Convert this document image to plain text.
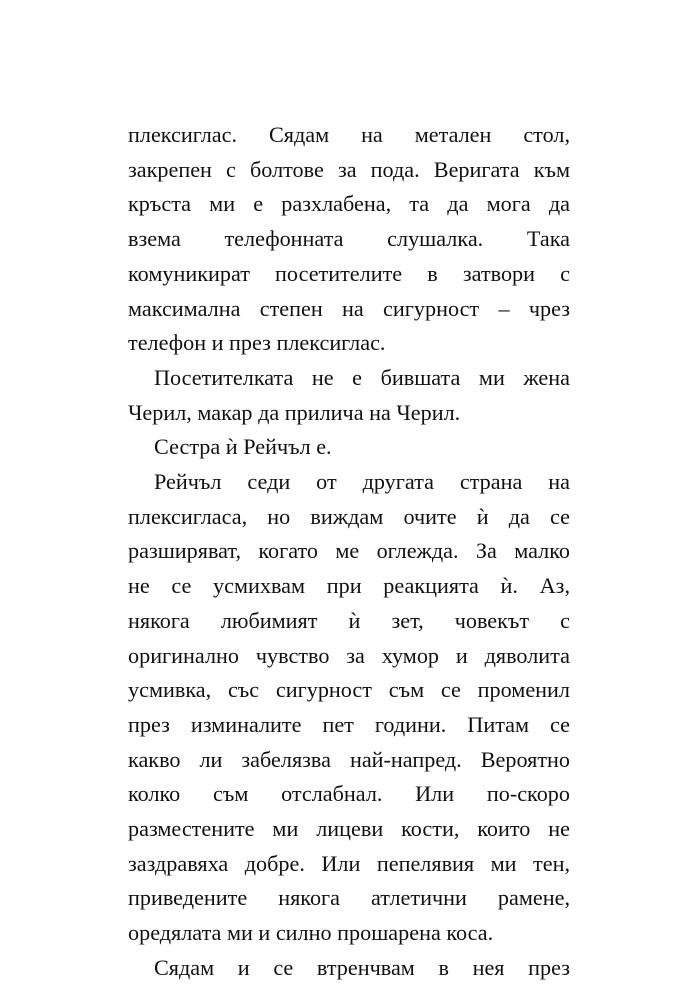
плексиглас. Сядам на метален стол,
закрепен с болтове за пода. Веригата към
кръста ми е разхлабена, та да мога да
взема телефонната слушалка. Така
комуникират посетителите в затвори с
максимална степен на сигурност – чрез
телефон и през плексиглас.

Посетителката не е бившата ми жена
Черил, макар да прилича на Черил.

Сестра ѝ Рейчъл е.

Рейчъл седи от другата страна на
плексигласа, но виждам очите ѝ да се
разширяват, когато ме оглежда. За малко
не се усмихвам при реакцията ѝ. Аз,
някога любимият ѝ зет, човекът с
оригинално чувство за хумор и дяволита
усмивка, със сигурност съм се променил
през изминалите пет години. Питам се
какво ли забелязва най-напред. Вероятно
колко съм отслабнал. Или по-скоро
разместените ми лицеви кости, които не
заздравяха добре. Или пепелявия ми тен,
приведените някога атлетични рамене,
оредялата ми и силно прошарена коса.

Сядам и се втренчвам в нея през
